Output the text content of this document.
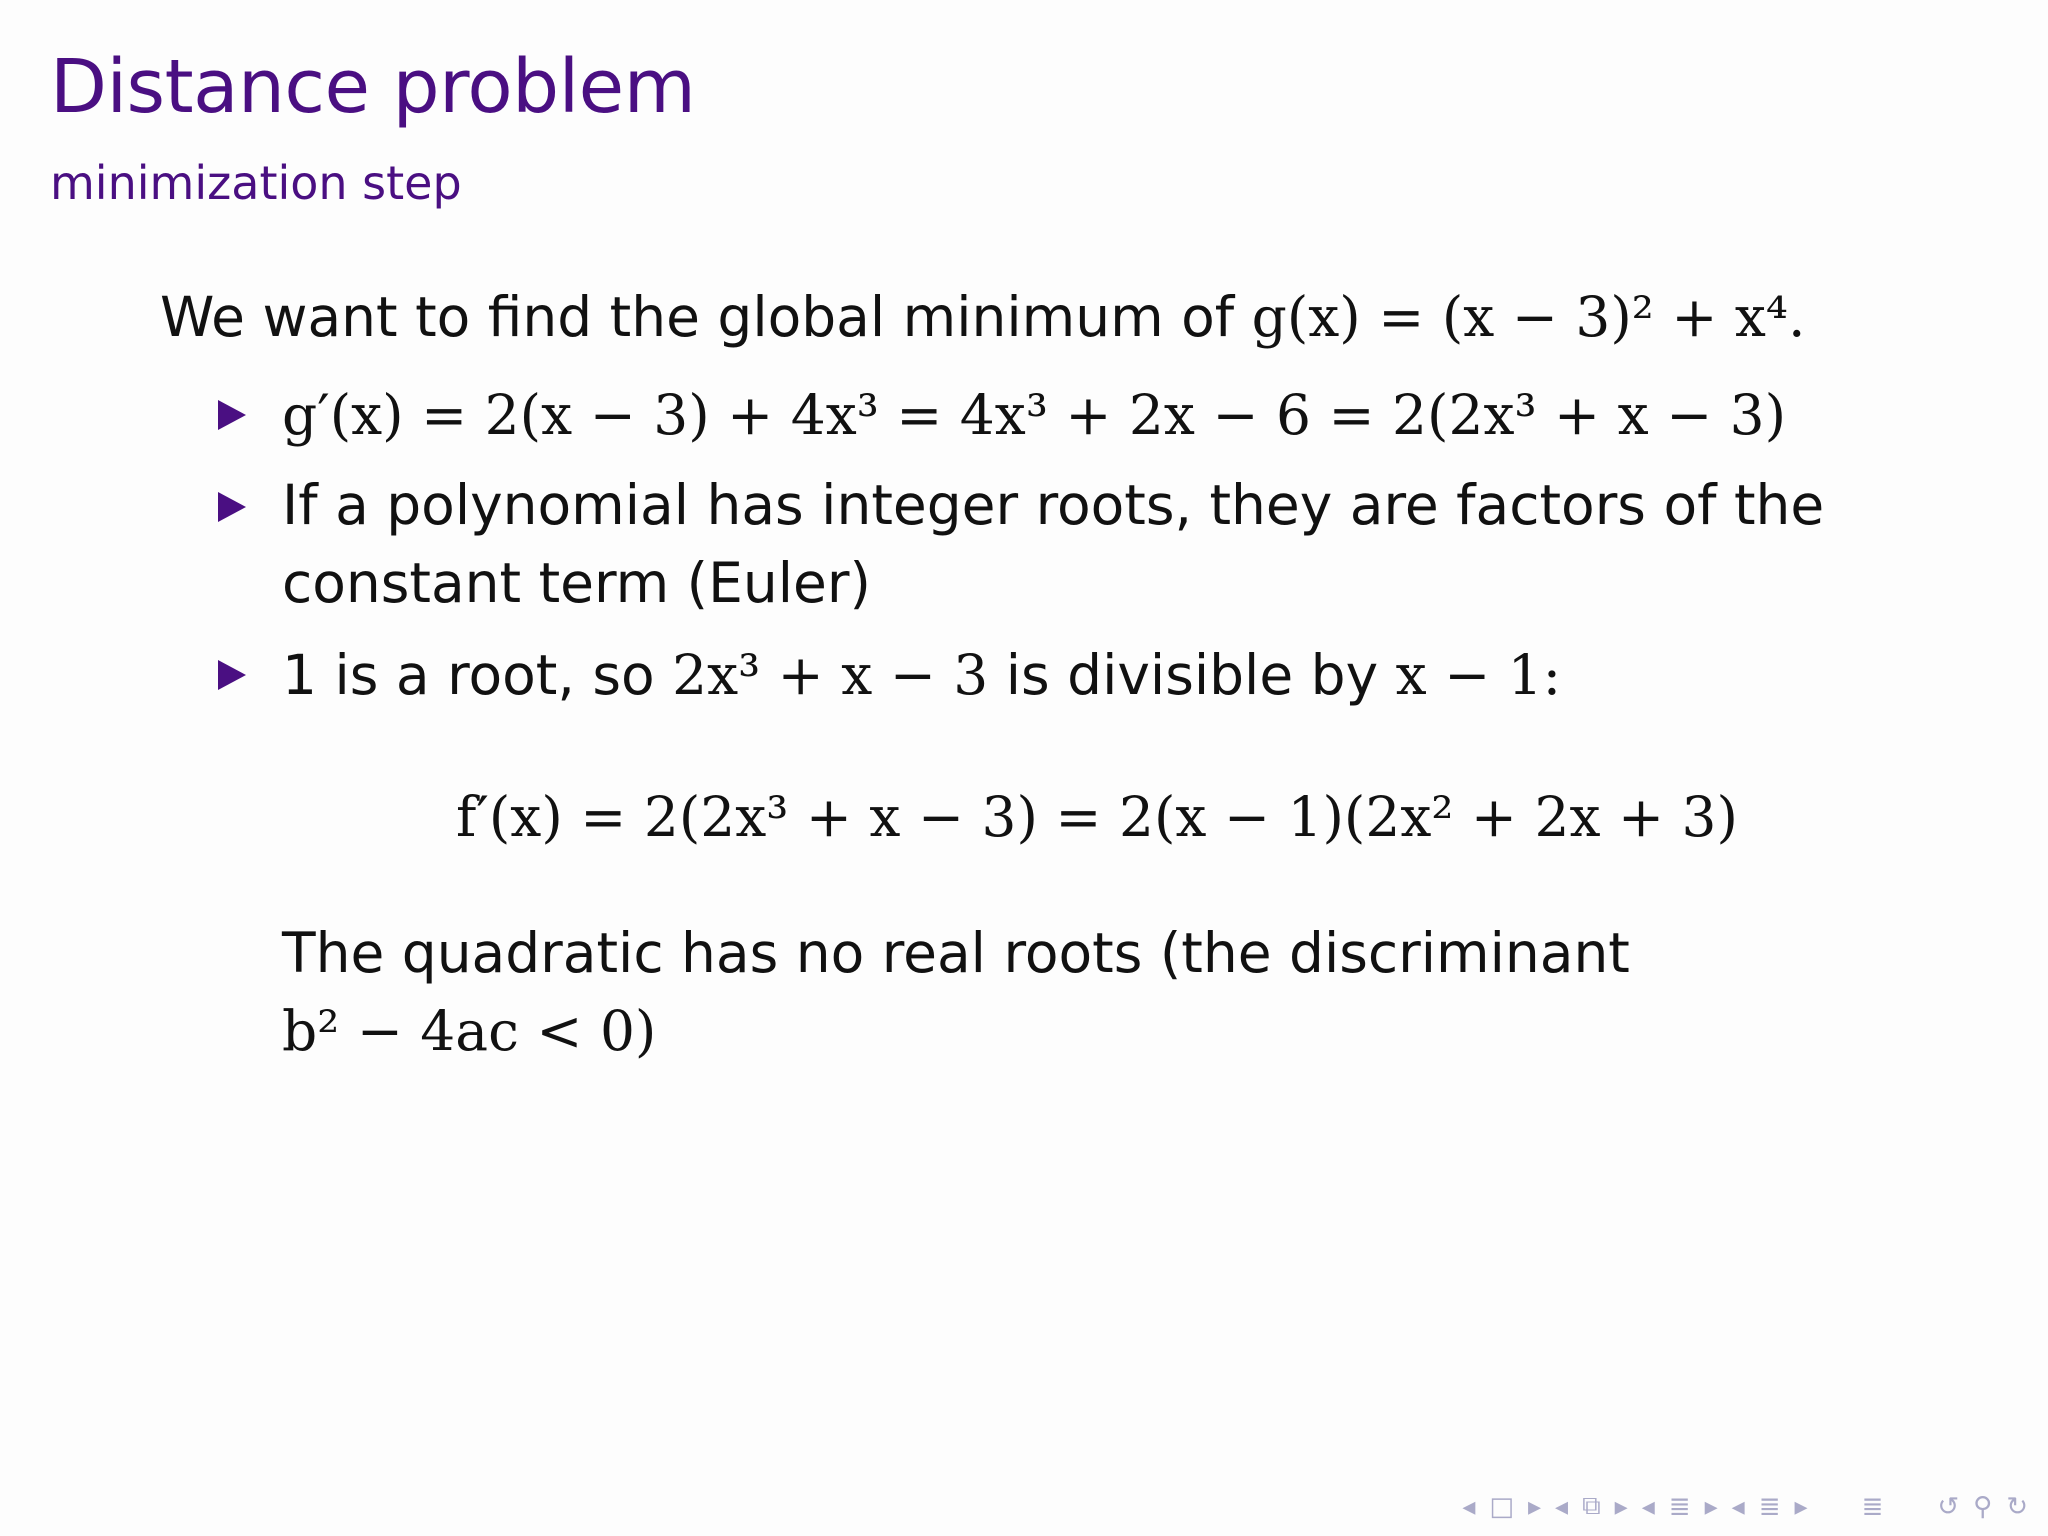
Distance problem
minimization step
We want to find the global minimum of g(x) = (x − 3)² + x⁴.
g′(x) = 2(x − 3) + 4x³ = 4x³ + 2x − 6 = 2(2x³ + x − 3)
If a polynomial has integer roots, they are factors of the
constant term (Euler)
1 is a root, so 2x³ + x − 3 is divisible by x − 1:
f′(x) = 2(2x³ + x − 3) = 2(x − 1)(2x² + 2x + 3)
The quadratic has no real roots (the discriminant
b² − 4ac < 0)
◂ □ ▸ ◂ ⧉ ▸ ◂ ≣ ▸ ◂ ≣ ▸ ≣ ↺ ⚲ ↻
